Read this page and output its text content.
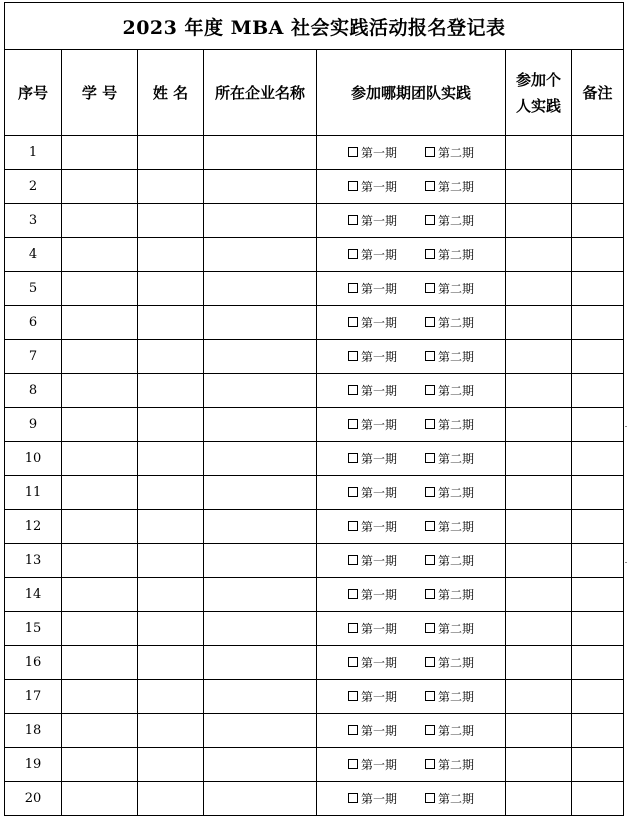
2023 年度 MBA 社会实践活动报名登记表						
序号	学 号	姓 名	所在企业名称	参加哪期团队实践	参加个人实践	备注
1				第一期 第二期		

2				第一期 第二期		

3				第一期 第二期		

4				第一期 第二期		

5				第一期 第二期		

6				第一期 第二期		

7				第一期 第二期		

8				第一期 第二期		

9				第一期 第二期		

10				第一期 第二期		

11				第一期 第二期		

12				第一期 第二期		

13				第一期 第二期		

14				第一期 第二期		

15				第一期 第二期		

16				第一期 第二期		

17				第一期 第二期		

18				第一期 第二期		

19				第一期 第二期		

20				第一期 第二期		
